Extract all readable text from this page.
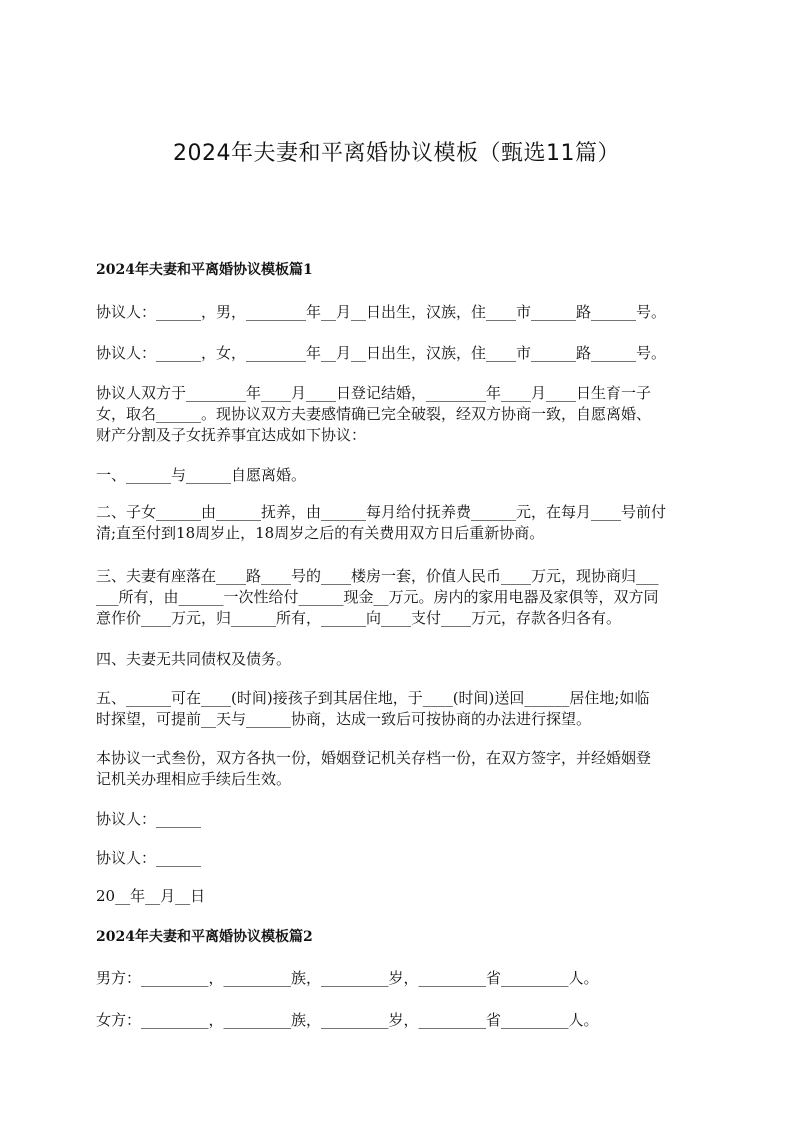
2024年夫妻和平离婚协议模板（甄选11篇）
2024年夫妻和平离婚协议模板篇1
协议人：______，男，________年__月__日出生，汉族，住____市______路______号。
协议人：______，女，________年__月__日出生，汉族，住____市______路______号。
协议人双方于________年____月____日登记结婚，________年____月____日生育一子
女，取名______。现协议双方夫妻感情确已完全破裂，经双方协商一致，自愿离婚、
财产分割及子女抚养事宜达成如下协议：
一、______与______自愿离婚。
二、子女______由______抚养，由______每月给付抚养费______元，在每月____号前付
清;直至付到18周岁止，18周岁之后的有关费用双方日后重新协商。
三、夫妻有座落在____路____号的____楼房一套，价值人民币____万元，现协商归___
___所有，由______一次性给付______现金__万元。房内的家用电器及家俱等，双方同
意作价____万元，归______所有，______向____支付____万元，存款各归各有。
四、夫妻无共同债权及债务。
五、______可在____(时间)接孩子到其居住地，于____(时间)送回______居住地;如临
时探望，可提前__天与______协商，达成一致后可按协商的办法进行探望。
本协议一式叁份，双方各执一份，婚姻登记机关存档一份，在双方签字，并经婚姻登
记机关办理相应手续后生效。
协议人：______
协议人：______
20__年__月__日
2024年夫妻和平离婚协议模板篇2
男方：_________，_________族，_________岁，_________省_________人。
女方：_________，_________族，_________岁，_________省_________人。
